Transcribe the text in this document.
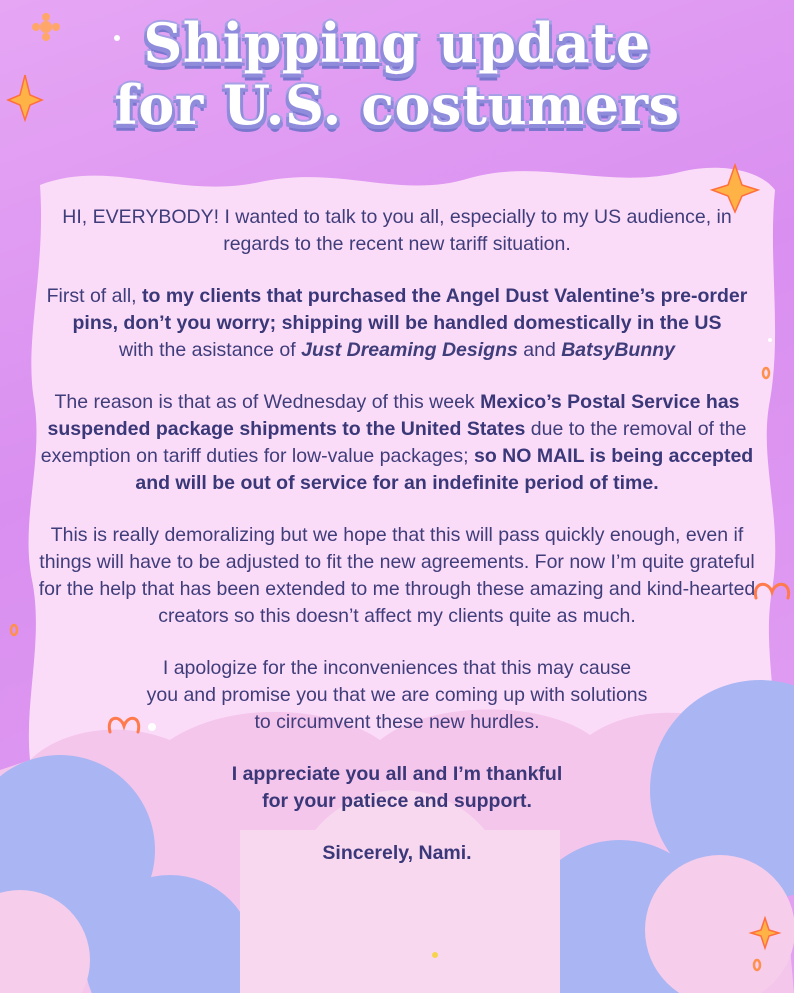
Shipping update
for U.S. costumers

HI, EVERYBODY! I wanted to talk to you all, especially to my US audience, in regards to the recent new tariff situation.

First of all, to my clients that purchased the Angel Dust Valentine’s pre-order pins, don’t you worry; shipping will be handled domestically in the US
with the asistance of Just Dreaming Designs and BatsyBunny

The reason is that as of Wednesday of this week Mexico’s Postal Service has suspended package shipments to the United States due to the removal of the exemption on tariff duties for low-value packages; so NO MAIL is being accepted and will be out of service for an indefinite period of time.

This is really demoralizing but we hope that this will pass quickly enough, even if things will have to be adjusted to fit the new agreements. For now I’m quite grateful for the help that has been extended to me through these amazing and kind-hearted creators so this doesn’t affect my clients quite as much.

I apologize for the inconveniences that this may cause
you and promise you that we are coming up with solutions
to circumvent these new hurdles.

I appreciate you all and I’m thankful
for your patiece and support.

Sincerely, Nami.
